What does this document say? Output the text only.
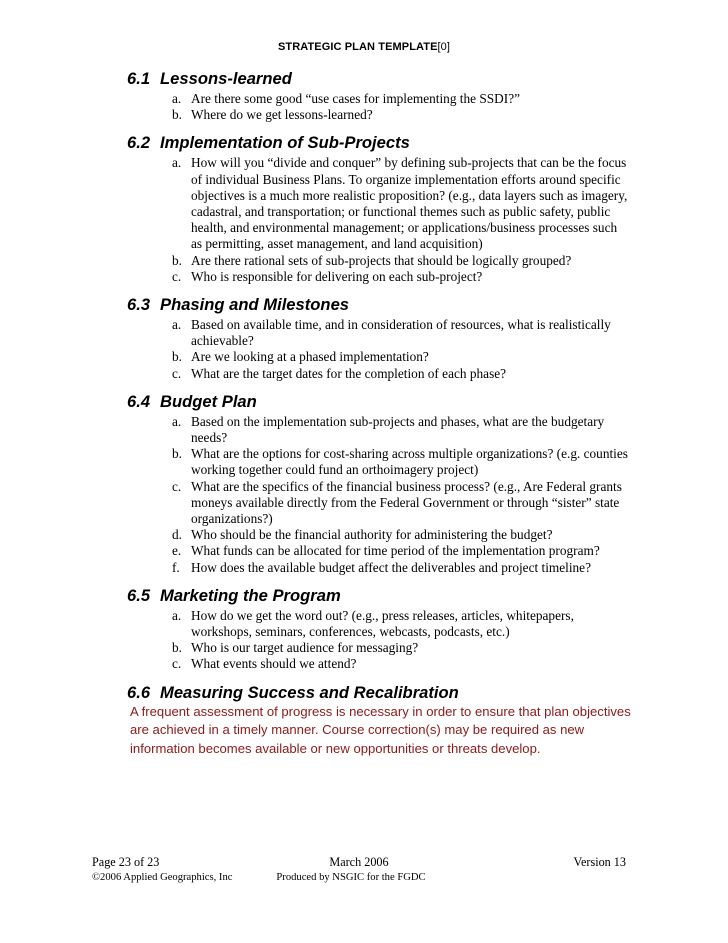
STRATEGIC PLAN TEMPLATE[0]
6.1 Lessons-learned
a. Are there some good “use cases for implementing the SSDI?”
b. Where do we get lessons-learned?
6.2 Implementation of Sub-Projects
a. How will you “divide and conquer” by defining sub-projects that can be the focus of individual Business Plans. To organize implementation efforts around specific objectives is a much more realistic proposition? (e.g., data layers such as imagery, cadastral, and transportation; or functional themes such as public safety, public health, and environmental management; or applications/business processes such as permitting, asset management, and land acquisition)
b. Are there rational sets of sub-projects that should be logically grouped?
c. Who is responsible for delivering on each sub-project?
6.3 Phasing and Milestones
a. Based on available time, and in consideration of resources, what is realistically achievable?
b. Are we looking at a phased implementation?
c. What are the target dates for the completion of each phase?
6.4 Budget Plan
a. Based on the implementation sub-projects and phases, what are the budgetary needs?
b. What are the options for cost-sharing across multiple organizations? (e.g. counties working together could fund an orthoimagery project)
c. What are the specifics of the financial business process? (e.g., Are Federal grants moneys available directly from the Federal Government or through “sister” state organizations?)
d. Who should be the financial authority for administering the budget?
e. What funds can be allocated for time period of the implementation program?
f. How does the available budget affect the deliverables and project timeline?
6.5 Marketing the Program
a. How do we get the word out? (e.g., press releases, articles, whitepapers, workshops, seminars, conferences, webcasts, podcasts, etc.)
b. Who is our target audience for messaging?
c. What events should we attend?
6.6 Measuring Success and Recalibration
A frequent assessment of progress is necessary in order to ensure that plan objectives are achieved in a timely manner. Course correction(s) may be required as new information becomes available or new opportunities or threats develop.
Page 23 of 23	March 2006	Version 13
©2006 Applied Geographics, Inc	Produced by NSGIC for the FGDC
